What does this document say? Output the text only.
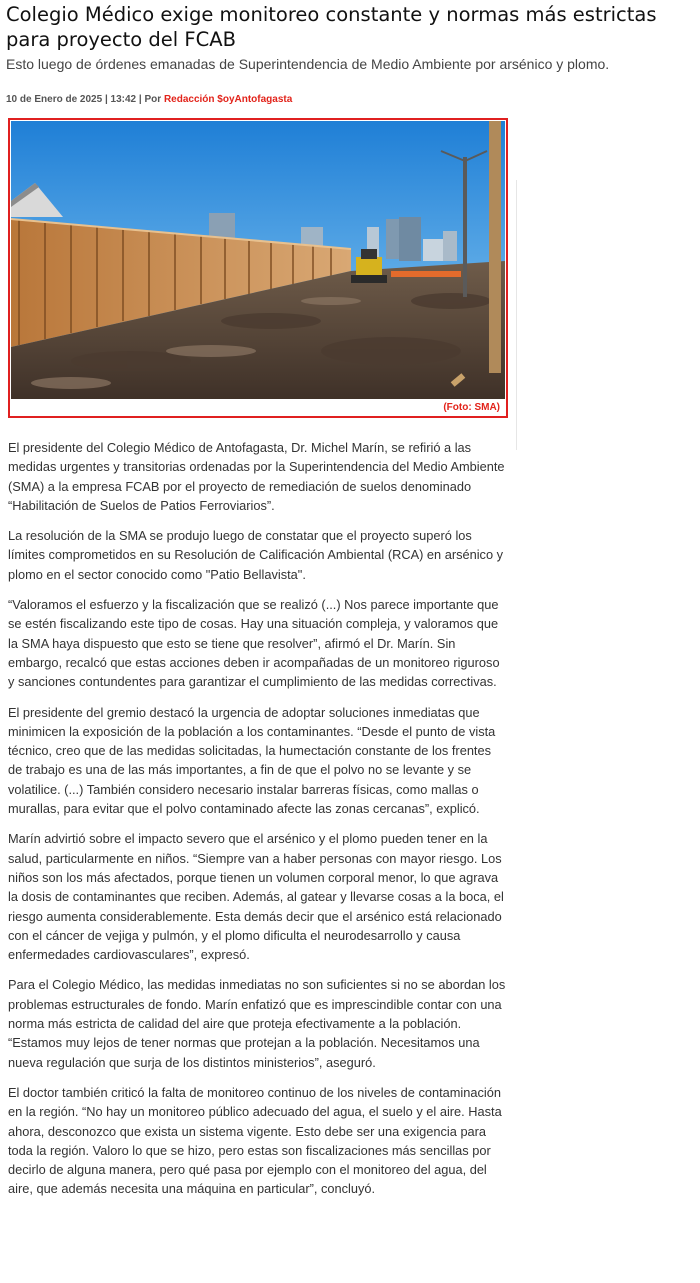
Colegio Médico exige monitoreo constante y normas más estrictas para proyecto del FCAB

Esto luego de órdenes emanadas de Superintendencia de Medio Ambiente por arsénico y plomo.

10 de Enero de 2025 | 13:42 | Por Redacción $oyAntofagasta
(Foto: SMA)

El presidente del Colegio Médico de Antofagasta, Dr. Michel Marín, se refirió a las medidas urgentes y transitorias ordenadas por la Superintendencia del Medio Ambiente (SMA) a la empresa FCAB por el proyecto de remediación de suelos denominado “Habilitación de Suelos de Patios Ferroviarios”.

La resolución de la SMA se produjo luego de constatar que el proyecto superó los límites comprometidos en su Resolución de Calificación Ambiental (RCA) en arsénico y plomo en el sector conocido como "Patio Bellavista".

“Valoramos el esfuerzo y la fiscalización que se realizó (...) Nos parece importante que se estén fiscalizando este tipo de cosas. Hay una situación compleja, y valoramos que la SMA haya dispuesto que esto se tiene que resolver”, afirmó el Dr. Marín. Sin embargo, recalcó que estas acciones deben ir acompañadas de un monitoreo riguroso y sanciones contundentes para garantizar el cumplimiento de las medidas correctivas.

El presidente del gremio destacó la urgencia de adoptar soluciones inmediatas que minimicen la exposición de la población a los contaminantes. “Desde el punto de vista técnico, creo que de las medidas solicitadas, la humectación constante de los frentes de trabajo es una de las más importantes, a fin de que el polvo no se levante y se volatilice. (...) También considero necesario instalar barreras físicas, como mallas o murallas, para evitar que el polvo contaminado afecte las zonas cercanas”, explicó.

Marín advirtió sobre el impacto severo que el arsénico y el plomo pueden tener en la salud, particularmente en niños. “Siempre van a haber personas con mayor riesgo. Los niños son los más afectados, porque tienen un volumen corporal menor, lo que agrava la dosis de contaminantes que reciben. Además, al gatear y llevarse cosas a la boca, el riesgo aumenta considerablemente. Esta demás decir que el arsénico está relacionado con el cáncer de vejiga y pulmón, y el plomo dificulta el neurodesarrollo y causa enfermedades cardiovasculares”, expresó.

Para el Colegio Médico, las medidas inmediatas no son suficientes si no se abordan los problemas estructurales de fondo. Marín enfatizó que es imprescindible contar con una norma más estricta de calidad del aire que proteja efectivamente a la población. “Estamos muy lejos de tener normas que protejan a la población. Necesitamos una nueva regulación que surja de los distintos ministerios”, aseguró.

El doctor también criticó la falta de monitoreo continuo de los niveles de contaminación en la región. “No hay un monitoreo público adecuado del agua, el suelo y el aire. Hasta ahora, desconozco que exista un sistema vigente. Esto debe ser una exigencia para toda la región. Valoro lo que se hizo, pero estas son fiscalizaciones más sencillas por decirlo de alguna manera, pero qué pasa por ejemplo con el monitoreo del agua, del aire, que además necesita una máquina en particular”, concluyó.
